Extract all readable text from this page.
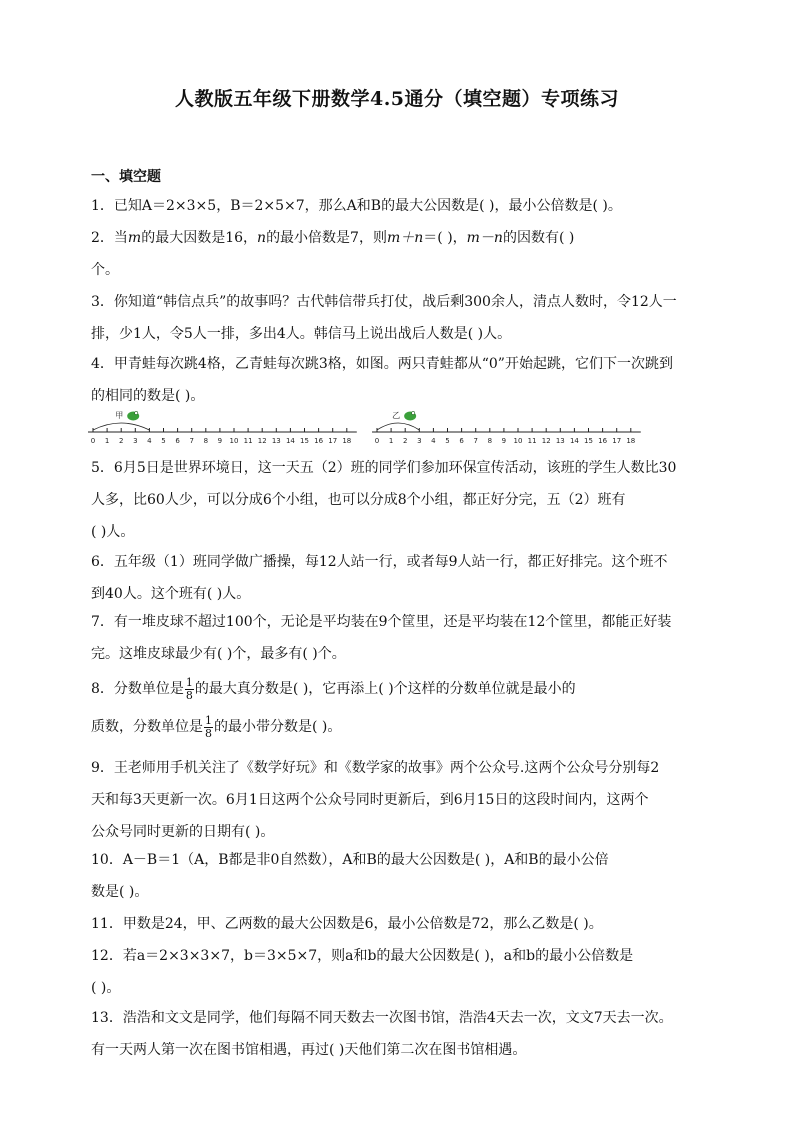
人教版五年级下册数学4.5通分（填空题）专项练习
一、填空题
1．已知A＝2×3×5，B＝2×5×7，那么A和B的最大公因数是( )，最小公倍数是( )。
2．当m的最大因数是16，n的最小倍数是7，则m＋n＝( )，m－n的因数有( )
个。
3．你知道“韩信点兵”的故事吗？古代韩信带兵打仗，战后剩300余人，清点人数时，令12人一
排，少1人，令5人一排，多出4人。韩信马上说出战后人数是( )人。
4．甲青蛙每次跳4格，乙青蛙每次跳3格，如图。两只青蛙都从“0”开始起跳，它们下一次跳到
的相同的数是( )。
0 1 2 3 4 5 6 7 8 9 10 11 12 13 14 15 16 17 18
甲
0 1 2 3 4 5 6 7 8 9 10 11 12 13 14 15 16 17 18
乙
5．6月5日是世界环境日，这一天五（2）班的同学们参加环保宣传活动，该班的学生人数比30
人多，比60人少，可以分成6个小组，也可以分成8个小组，都正好分完，五（2）班有
( )人。
6．五年级（1）班同学做广播操，每12人站一行，或者每9人站一行，都正好排完。这个班不
到40人。这个班有( )人。
7．有一堆皮球不超过100个，无论是平均装在9个筐里，还是平均装在12个筐里，都能正好装
完。这堆皮球最少有( )个，最多有( )个。
8．分数单位是 $\frac{1}{8}$ 的最大真分数是( )，它再添上( )个这样的分数单位就是最小的
质数，分数单位是 $\frac{1}{8}$ 的最小带分数是( )。
9．王老师用手机关注了《数学好玩》和《数学家的故事》两个公众号.这两个公众号分别每2
天和每3天更新一次。6月1日这两个公众号同时更新后，到6月15日的这段时间内，这两个
公众号同时更新的日期有( )。
10．A－B＝1（A，B都是非0自然数），A和B的最大公因数是( )，A和B的最小公倍
数是( )。
11．甲数是24，甲、乙两数的最大公因数是6，最小公倍数是72，那么乙数是( )。
12．若a＝2×3×3×7，b＝3×5×7，则a和b的最大公因数是( )，a和b的最小公倍数是
( )。
13．浩浩和文文是同学，他们每隔不同天数去一次图书馆，浩浩4天去一次，文文7天去一次。
有一天两人第一次在图书馆相遇，再过( )天他们第二次在图书馆相遇。
